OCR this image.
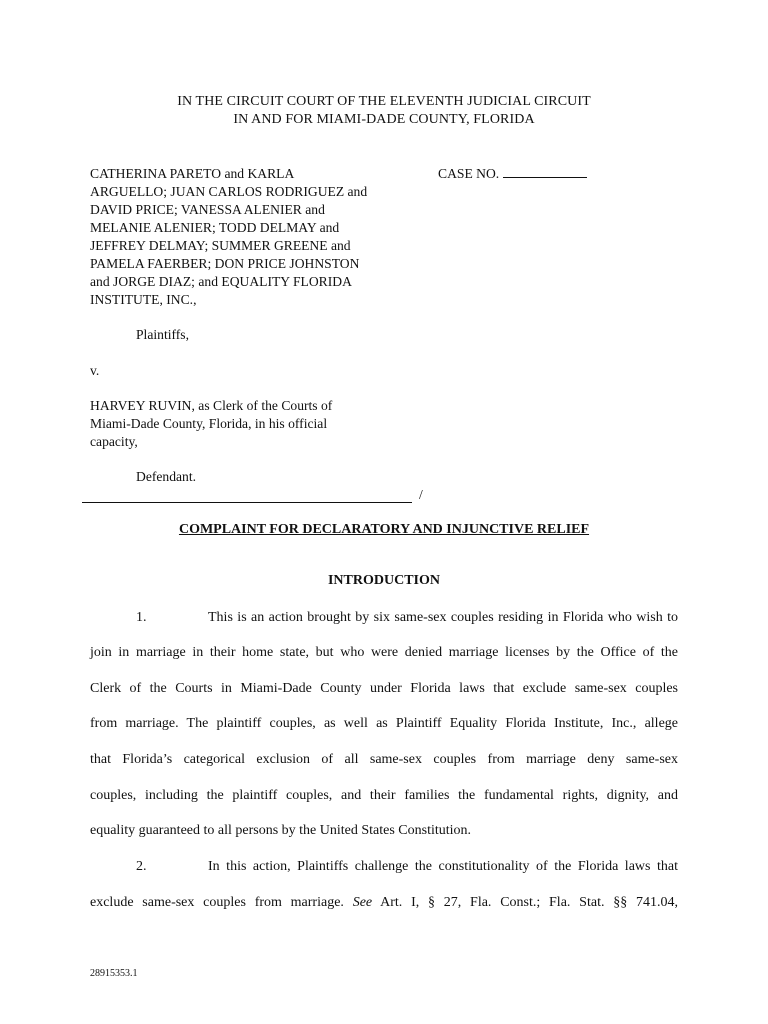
IN THE CIRCUIT COURT OF THE ELEVENTH JUDICIAL CIRCUIT
IN AND FOR MIAMI-DADE COUNTY, FLORIDA
CATHERINA PARETO and KARLA
ARGUELLO; JUAN CARLOS RODRIGUEZ and
DAVID PRICE; VANESSA ALENIER and
MELANIE ALENIER; TODD DELMAY and
JEFFREY DELMAY; SUMMER GREENE and
PAMELA FAERBER; DON PRICE JOHNSTON
and JORGE DIAZ; and EQUALITY FLORIDA
INSTITUTE, INC.,
CASE NO.
Plaintiffs,
v.
HARVEY RUVIN, as Clerk of the Courts of
Miami-Dade County, Florida, in his official
capacity,
Defendant.
/
COMPLAINT FOR DECLARATORY AND INJUNCTIVE RELIEF
INTRODUCTION
1.	This is an action brought by six same-sex couples residing in Florida who wish to
join in marriage in their home state, but who were denied marriage licenses by the Office of the
Clerk of the Courts in Miami-Dade County under Florida laws that exclude same-sex couples
from marriage. The plaintiff couples, as well as Plaintiff Equality Florida Institute, Inc., allege
that Florida’s categorical exclusion of all same-sex couples from marriage deny same-sex
couples, including the plaintiff couples, and their families the fundamental rights, dignity, and
equality guaranteed to all persons by the United States Constitution.
2.	In this action, Plaintiffs challenge the constitutionality of the Florida laws that
exclude same-sex couples from marriage. See Art. I, § 27, Fla. Const.; Fla. Stat. §§ 741.04,
28915353.1
